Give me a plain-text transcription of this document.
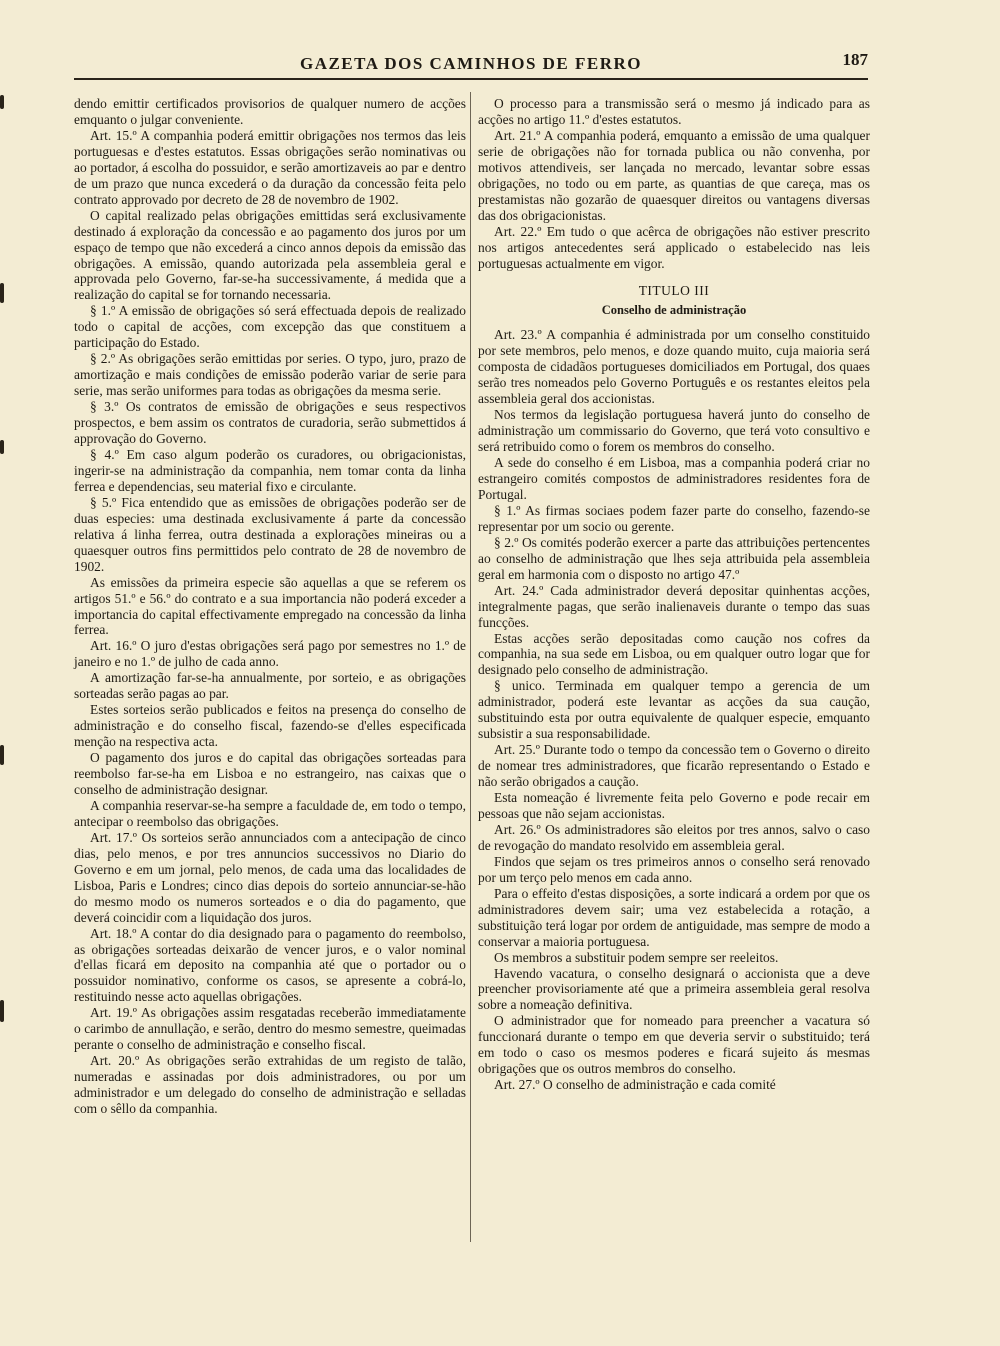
GAZETA DOS CAMINHOS DE FERRO	187

dendo emittir certificados provisorios de qualquer numero de acções emquanto o julgar conveniente.

Art. 15.º A companhia poderá emittir obrigações nos termos das leis portuguesas e d'estes estatutos. Essas obrigações serão nominativas ou ao portador, á escolha do possuidor, e serão amortizaveis ao par e dentro de um prazo que nunca excederá o da duração da concessão feita pelo contrato approvado por decreto de 28 de novembro de 1902.

O capital realizado pelas obrigações emittidas será exclusivamente destinado á exploração da concessão e ao pagamento dos juros por um espaço de tempo que não excederá a cinco annos depois da emissão das obrigações. A emissão, quando autorizada pela assembleia geral e approvada pelo Governo, far-se-ha successivamente, á medida que a realização do capital se for tornando necessaria.

§ 1.º A emissão de obrigações só será effectuada depois de realizado todo o capital de acções, com excepção das que constituem a participação do Estado.

§ 2.º As obrigações serão emittidas por series. O typo, juro, prazo de amortização e mais condições de emissão poderão variar de serie para serie, mas serão uniformes para todas as obrigações da mesma serie.

§ 3.º Os contratos de emissão de obrigações e seus respectivos prospectos, e bem assim os contratos de curadoria, serão submettidos á approvação do Governo.

§ 4.º Em caso algum poderão os curadores, ou obrigacionistas, ingerir-se na administração da companhia, nem tomar conta da linha ferrea e dependencias, seu material fixo e circulante.

§ 5.º Fica entendido que as emissões de obrigações poderão ser de duas especies: uma destinada exclusivamente á parte da concessão relativa á linha ferrea, outra destinada a explorações mineiras ou a quaesquer outros fins permittidos pelo contrato de 28 de novembro de 1902.

As emissões da primeira especie são aquellas a que se referem os artigos 51.º e 56.º do contrato e a sua importancia não poderá exceder a importancia do capital effectivamente empregado na concessão da linha ferrea.

Art. 16.º O juro d'estas obrigações será pago por semestres no 1.º de janeiro e no 1.º de julho de cada anno.

A amortização far-se-ha annualmente, por sorteio, e as obrigações sorteadas serão pagas ao par.

Estes sorteios serão publicados e feitos na presença do conselho de administração e do conselho fiscal, fazendo-se d'elles especificada menção na respectiva acta.

O pagamento dos juros e do capital das obrigações sorteadas para reembolso far-se-ha em Lisboa e no estrangeiro, nas caixas que o conselho de administração designar.

A companhia reservar-se-ha sempre a faculdade de, em todo o tempo, antecipar o reembolso das obrigações.

Art. 17.º Os sorteios serão annunciados com a antecipação de cinco dias, pelo menos, e por tres annuncios successivos no Diario do Governo e em um jornal, pelo menos, de cada uma das localidades de Lisboa, Paris e Londres; cinco dias depois do sorteio annunciar-se-hão do mesmo modo os numeros sorteados e o dia do pagamento, que deverá coincidir com a liquidação dos juros.

Art. 18.º A contar do dia designado para o pagamento do reembolso, as obrigações sorteadas deixarão de vencer juros, e o valor nominal d'ellas ficará em deposito na companhia até que o portador ou o possuidor nominativo, conforme os casos, se apresente a cobrá-lo, restituindo nesse acto aquellas obrigações.

Art. 19.º As obrigações assim resgatadas receberão immediatamente o carimbo de annullação, e serão, dentro do mesmo semestre, queimadas perante o conselho de administração e conselho fiscal.

Art. 20.º As obrigações serão extrahidas de um registo de talão, numeradas e assinadas por dois administradores, ou por um administrador e um delegado do conselho de administração e selladas com o sêllo da companhia.

O processo para a transmissão será o mesmo já indicado para as acções no artigo 11.º d'estes estatutos.

Art. 21.º A companhia poderá, emquanto a emissão de uma qualquer serie de obrigações não for tornada publica ou não convenha, por motivos attendiveis, ser lançada no mercado, levantar sobre essas obrigações, no todo ou em parte, as quantias de que careça, mas os prestamistas não gozarão de quaesquer direitos ou vantagens diversas das dos obrigacionistas.

Art. 22.º Em tudo o que acêrca de obrigações não estiver prescrito nos artigos antecedentes será applicado o estabelecido nas leis portuguesas actualmente em vigor.

TITULO III
Conselho de administração

Art. 23.º A companhia é administrada por um conselho constituido por sete membros, pelo menos, e doze quando muito, cuja maioria será composta de cidadãos portugueses domiciliados em Portugal, dos quaes serão tres nomeados pelo Governo Português e os restantes eleitos pela assembleia geral dos accionistas.

Nos termos da legislação portuguesa haverá junto do conselho de administração um commissario do Governo, que terá voto consultivo e será retribuido como o forem os membros do conselho.

A sede do conselho é em Lisboa, mas a companhia poderá criar no estrangeiro comités compostos de administradores residentes fora de Portugal.

§ 1.º As firmas sociaes podem fazer parte do conselho, fazendo-se representar por um socio ou gerente.

§ 2.º Os comités poderão exercer a parte das attribuições pertencentes ao conselho de administração que lhes seja attribuida pela assembleia geral em harmonia com o disposto no artigo 47.º

Art. 24.º Cada administrador deverá depositar quinhentas acções, integralmente pagas, que serão inalienaveis durante o tempo das suas funcções.

Estas acções serão depositadas como caução nos cofres da companhia, na sua sede em Lisboa, ou em qualquer outro logar que for designado pelo conselho de administração.

§ unico. Terminada em qualquer tempo a gerencia de um administrador, poderá este levantar as acções da sua caução, substituindo esta por outra equivalente de qualquer especie, emquanto subsistir a sua responsabilidade.

Art. 25.º Durante todo o tempo da concessão tem o Governo o direito de nomear tres administradores, que ficarão representando o Estado e não serão obrigados a caução.

Esta nomeação é livremente feita pelo Governo e pode recair em pessoas que não sejam accionistas.

Art. 26.º Os administradores são eleitos por tres annos, salvo o caso de revogação do mandato resolvido em assembleia geral.

Findos que sejam os tres primeiros annos o conselho será renovado por um terço pelo menos em cada anno.

Para o effeito d'estas disposições, a sorte indicará a ordem por que os administradores devem sair; uma vez estabelecida a rotação, a substituição terá logar por ordem de antiguidade, mas sempre de modo a conservar a maioria portuguesa.

Os membros a substituir podem sempre ser reeleitos.

Havendo vacatura, o conselho designará o accionista que a deve preencher provisoriamente até que a primeira assembleia geral resolva sobre a nomeação definitiva.

O administrador que for nomeado para preencher a vacatura só funccionará durante o tempo em que deveria servir o substituido; terá em todo o caso os mesmos poderes e ficará sujeito ás mesmas obrigações que os outros membros do conselho.

Art. 27.º O conselho de administração e cada comité
